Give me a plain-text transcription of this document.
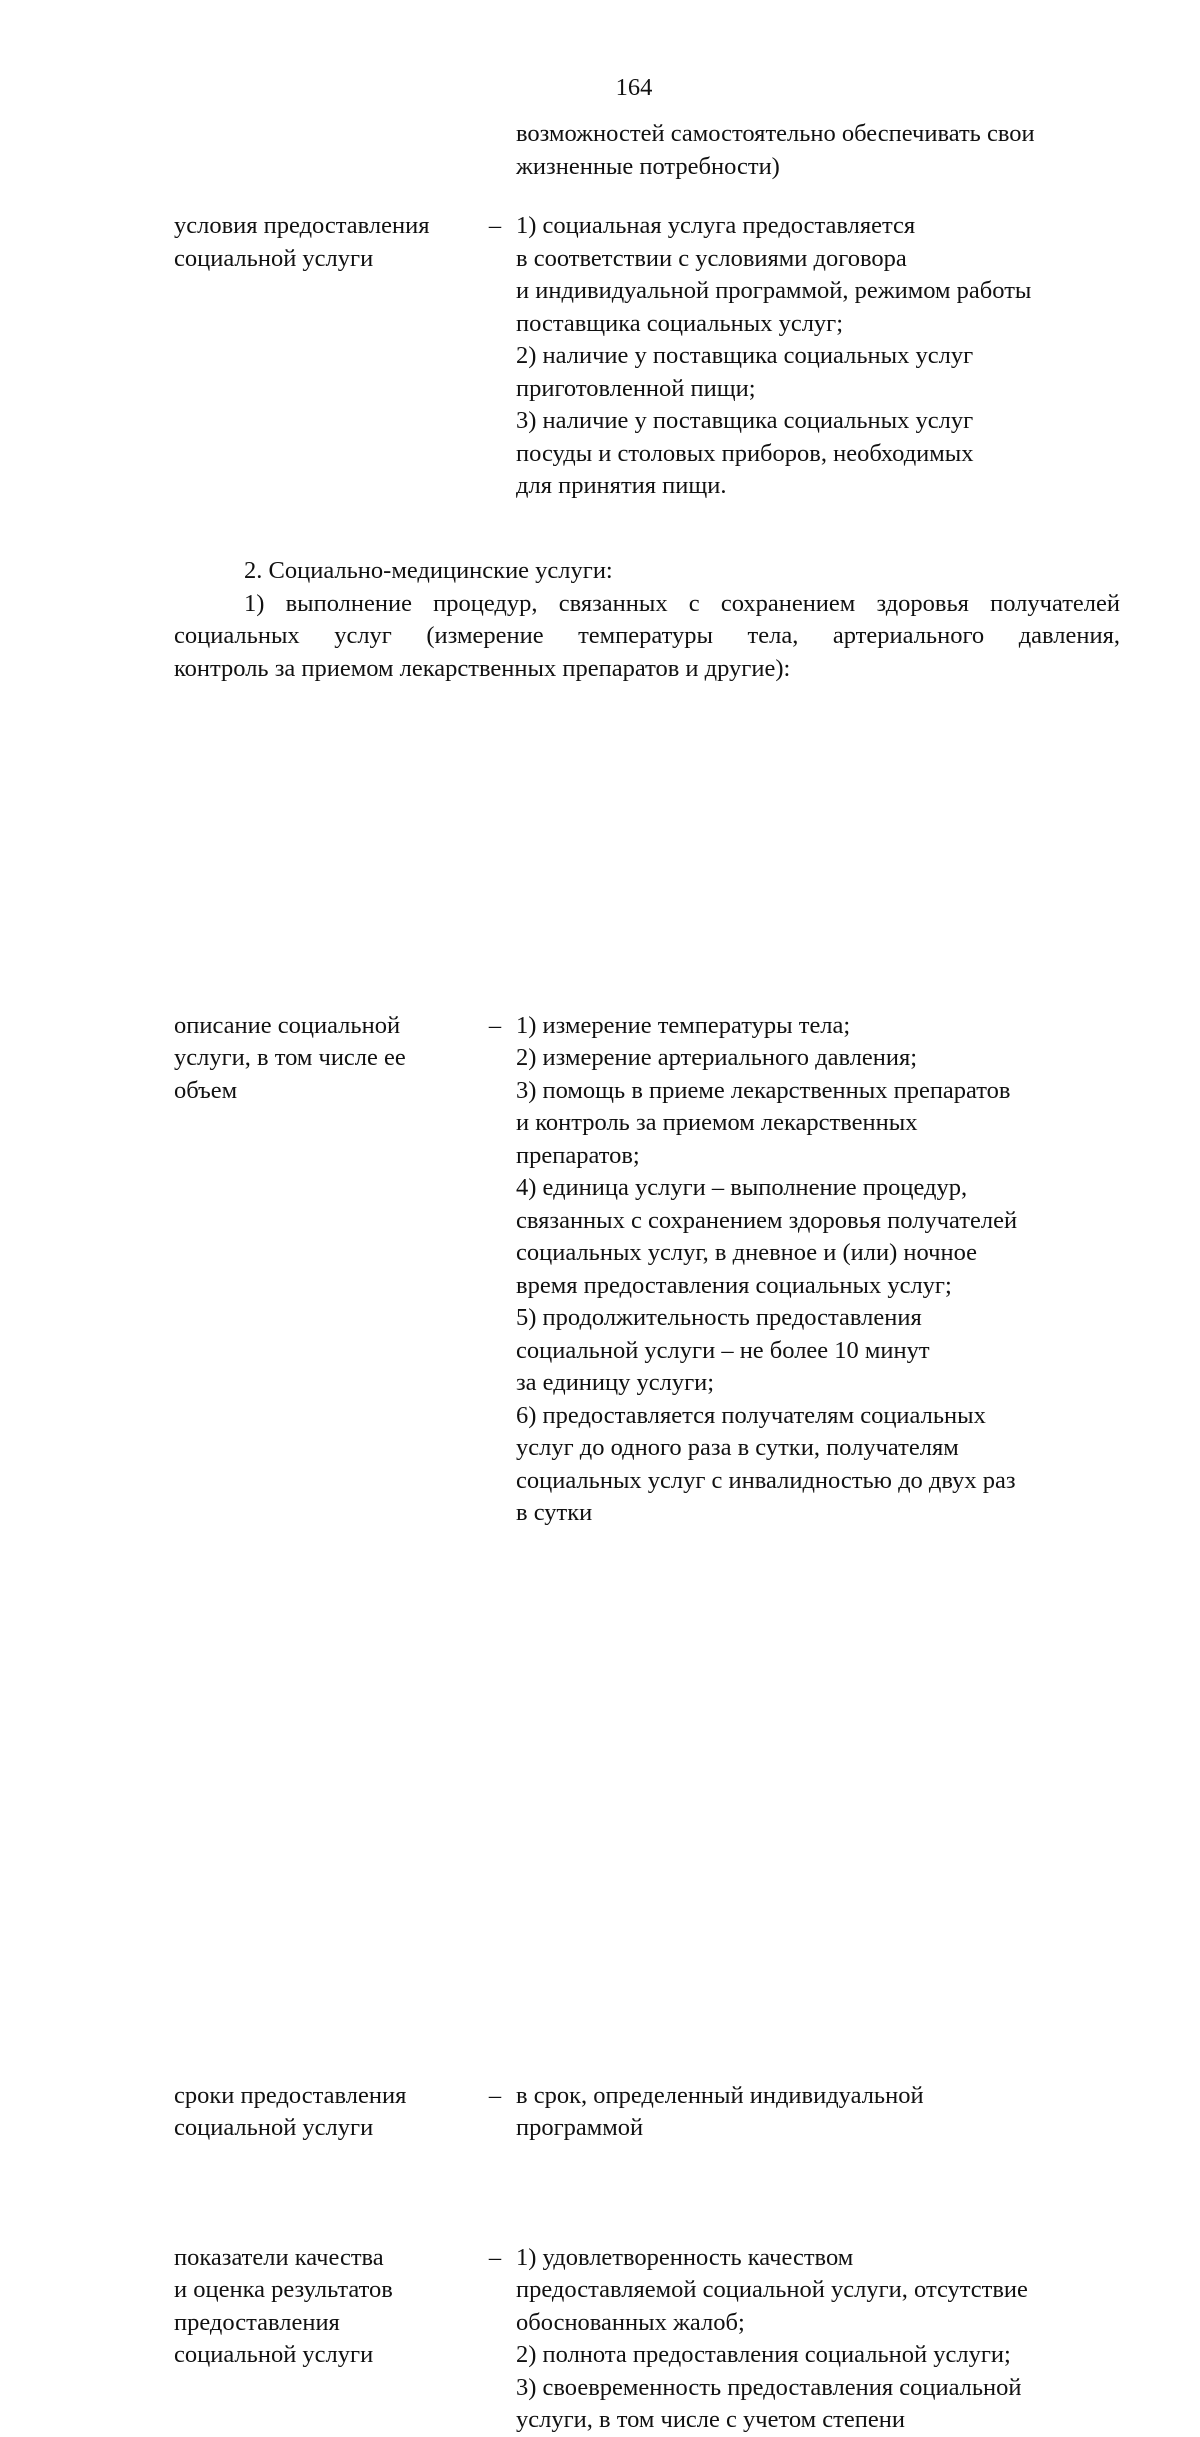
164
возможностей самостоятельно обеспечивать свои
жизненные потребности)
условия предоставления
социальной услуги
– 1) социальная услуга предоставляется
в соответствии с условиями договора
и индивидуальной программой, режимом работы
поставщика социальных услуг;
2) наличие у поставщика социальных услуг
приготовленной пищи;
3) наличие у поставщика социальных услуг
посуды и столовых приборов, необходимых
для принятия пищи.
2. Социально-медицинские услуги:
1) выполнение процедур, связанных с сохранением здоровья получателей
социальных услуг (измерение температуры тела, артериального давления,
контроль за приемом лекарственных препаратов и другие):
описание социальной
услуги, в том числе ее
объем
– 1) измерение температуры тела;
2) измерение артериального давления;
3) помощь в приеме лекарственных препаратов
и контроль за приемом лекарственных
препаратов;
4) единица услуги – выполнение процедур,
связанных с сохранением здоровья получателей
социальных услуг, в дневное и (или) ночное
время предоставления социальных услуг;
5) продолжительность предоставления
социальной услуги – не более 10 минут
за единицу услуги;
6) предоставляется получателям социальных
услуг до одного раза в сутки, получателям
социальных услуг с инвалидностью до двух раз
в сутки
сроки предоставления
социальной услуги
– в срок, определенный индивидуальной
программой
показатели качества
и оценка результатов
предоставления
социальной услуги
– 1) удовлетворенность качеством
предоставляемой социальной услуги, отсутствие
обоснованных жалоб;
2) полнота предоставления социальной услуги;
3) своевременность предоставления социальной
услуги, в том числе с учетом степени
